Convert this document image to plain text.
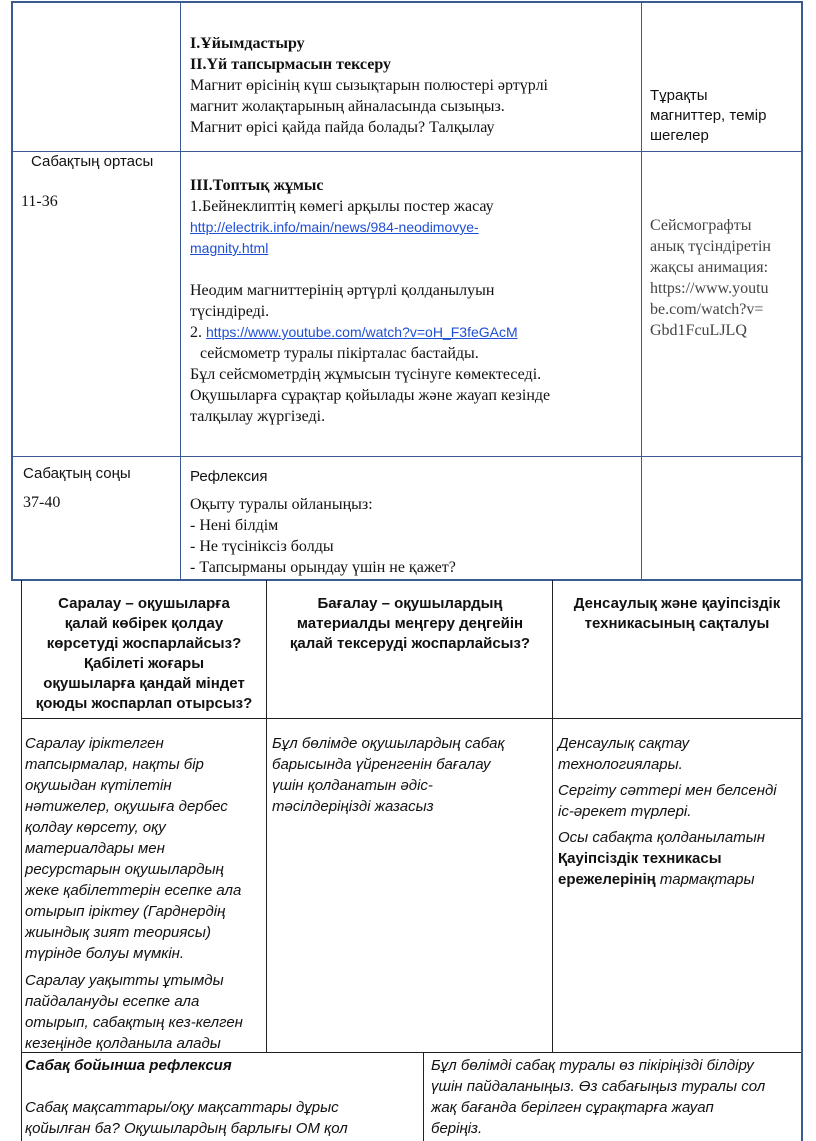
I.Ұйымдастыру

II.Үй тапсырмасын тексеру

Магнит өрісінің күш сызықтарын полюстері әртүрлі

магнит жолақтарының айналасында сызыңыз.

Магнит өрісі қайда пайда болады? Талқылау

Тұрақты

магниттер, темір

шегелер

Сабақтың ортасы

11-36

III.Топтық жұмыс

1.Бейнеклиптің көмегі арқылы постер жасау

http://electrik.info/main/news/984-neodimovye-

magnity.html

Неодим магниттерінің әртүрлі қолданылуын

түсіндіреді.

2. https://www.youtube.com/watch?v=oH_F3feGAcM

сейсмометр туралы пікірталас бастайды.

Бұл сейсмометрдің жұмысын түсінуге көмектеседі.

Оқушыларға сұрақтар қойылады және жауап кезінде

талқылау жүргізеді.

Сейсмографты

анық түсіндіретін

жақсы анимация:

https://www.youtu

be.com/watch?v=

Gbd1FcuLJLQ

Сабақтың соңы

37-40

Рефлексия

Оқыту туралы ойланыңыз:

- Нені білдім

- Не түсініксіз болды

- Тапсырманы орындау үшін не қажет?

Саралау – оқушыларға

қалай көбірек қолдау

көрсетуді жоспарлайсыз?

Қабілеті жоғары

оқушыларға қандай міндет

қоюды жоспарлап отырсыз?

Бағалау – оқушылардың

материалды меңгеру деңгейін

қалай тексеруді жоспарлайсыз?

Денсаулық және қауіпсіздік

техникасының сақталуы

Саралау іріктелген

тапсырмалар, нақты бір

оқушыдан күтілетін

нәтижелер, оқушыға дербес

қолдау көрсету, оқу

материалдары мен

ресурстарын оқушылардың

жеке қабілеттерін есепке ала

отырып іріктеу (Гарднердің

жиындық зият теориясы)

түрінде болуы мүмкін.

Саралау уақытты ұтымды

пайдалануды есепке ала

отырып, сабақтың кез-келген

кезеңінде қолданыла алады

Бұл бөлімде оқушылардың сабақ

барысында үйренгенін бағалау

үшін қолданатын әдіс-

тәсілдеріңізді жазасыз

Денсаулық сақтау

технологиялары.

Сергіту сәттері мен белсенді

іс-әрекет түрлері.

Осы сабақта қолданылатын

Қауіпсіздік техникасы

ережелерінің тармақтары

Сабақ бойынша рефлексия

Сабақ мақсаттары/оқу мақсаттары дұрыс

қойылған ба? Оқушылардың барлығы ОМ қол

Бұл бөлімді сабақ туралы өз пікіріңізді білдіру

үшін пайдаланыңыз. Өз сабағыңыз туралы сол

жақ бағанда берілген сұрақтарға жауап

беріңіз.
